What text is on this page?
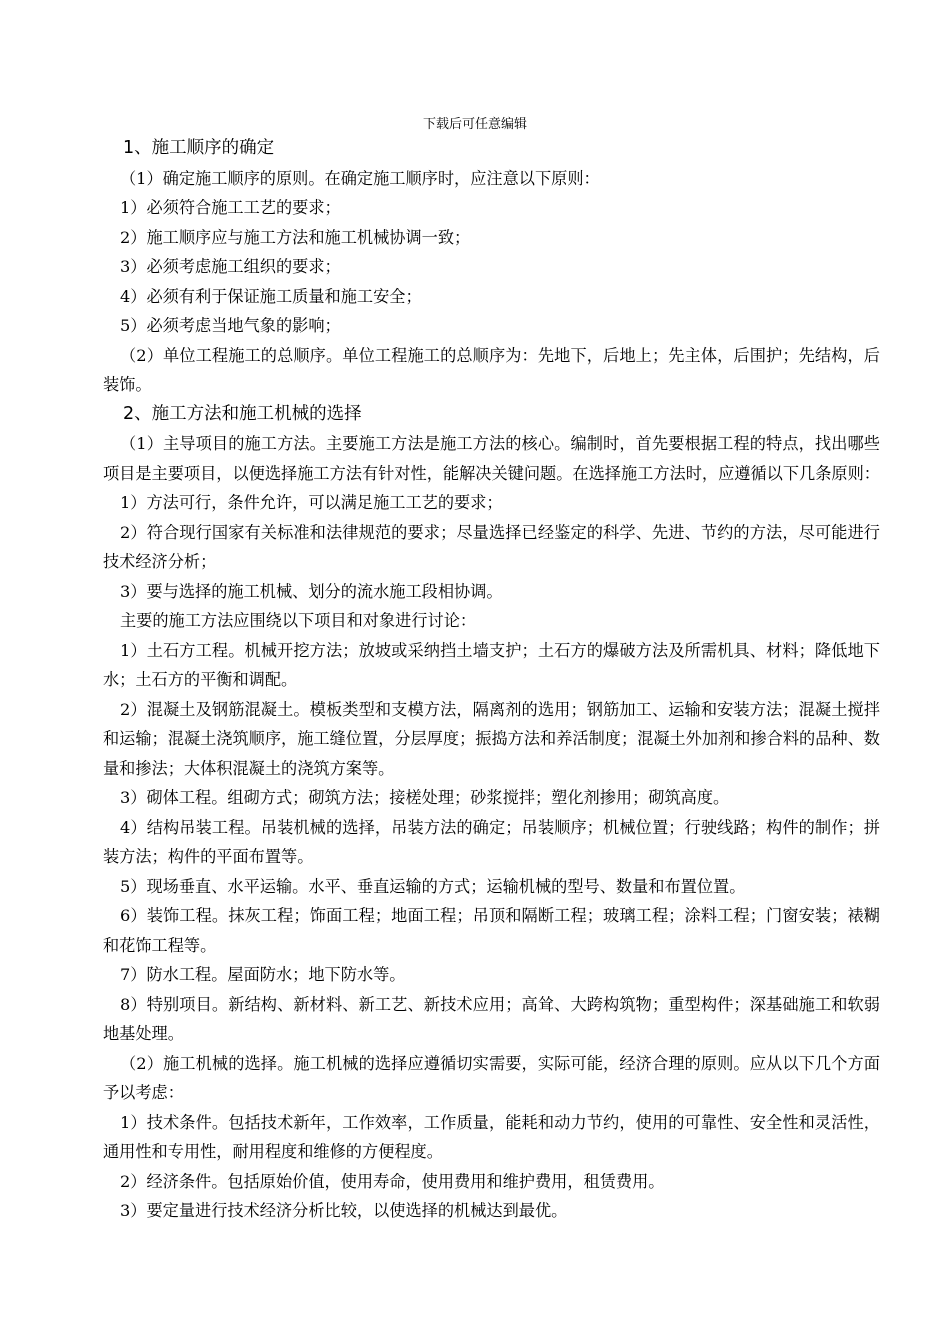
下载后可任意编辑

1、施工顺序的确定

（1）确定施工顺序的原则。在确定施工顺序时，应注意以下原则：

1）必须符合施工工艺的要求；

2）施工顺序应与施工方法和施工机械协调一致；

3）必须考虑施工组织的要求；

4）必须有利于保证施工质量和施工安全；

5）必须考虑当地气象的影响；

（2）单位工程施工的总顺序。单位工程施工的总顺序为：先地下，后地上；先主体，后围护；先结构，后装饰。

2、施工方法和施工机械的选择

（1）主导项目的施工方法。主要施工方法是施工方法的核心。编制时，首先要根据工程的特点，找出哪些项目是主要项目，以便选择施工方法有针对性，能解决关键问题。在选择施工方法时，应遵循以下几条原则：

1）方法可行，条件允许，可以满足施工工艺的要求；

2）符合现行国家有关标准和法律规范的要求；尽量选择已经鉴定的科学、先进、节约的方法，尽可能进行技术经济分析；

3）要与选择的施工机械、划分的流水施工段相协调。

主要的施工方法应围绕以下项目和对象进行讨论：

1）土石方工程。机械开挖方法；放坡或采纳挡土墙支护；土石方的爆破方法及所需机具、材料；降低地下水；土石方的平衡和调配。

2）混凝土及钢筋混凝土。模板类型和支模方法，隔离剂的选用；钢筋加工、运输和安装方法；混凝土搅拌和运输；混凝土浇筑顺序，施工缝位置，分层厚度；振捣方法和养活制度；混凝土外加剂和掺合料的品种、数量和掺法；大体积混凝土的浇筑方案等。

3）砌体工程。组砌方式；砌筑方法；接槎处理；砂浆搅拌；塑化剂掺用；砌筑高度。

4）结构吊装工程。吊装机械的选择，吊装方法的确定；吊装顺序；机械位置；行驶线路；构件的制作；拼装方法；构件的平面布置等。

5）现场垂直、水平运输。水平、垂直运输的方式；运输机械的型号、数量和布置位置。

6）装饰工程。抹灰工程；饰面工程；地面工程；吊顶和隔断工程；玻璃工程；涂料工程；门窗安装；裱糊和花饰工程等。

7）防水工程。屋面防水；地下防水等。

8）特别项目。新结构、新材料、新工艺、新技术应用；高耸、大跨构筑物；重型构件；深基础施工和软弱地基处理。

（2）施工机械的选择。施工机械的选择应遵循切实需要，实际可能，经济合理的原则。应从以下几个方面予以考虑：

1）技术条件。包括技术新年，工作效率，工作质量，能耗和动力节约，使用的可靠性、安全性和灵活性，通用性和专用性，耐用程度和维修的方便程度。

2）经济条件。包括原始价值，使用寿命，使用费用和维护费用，租赁费用。

3）要定量进行技术经济分析比较，以使选择的机械达到最优。
